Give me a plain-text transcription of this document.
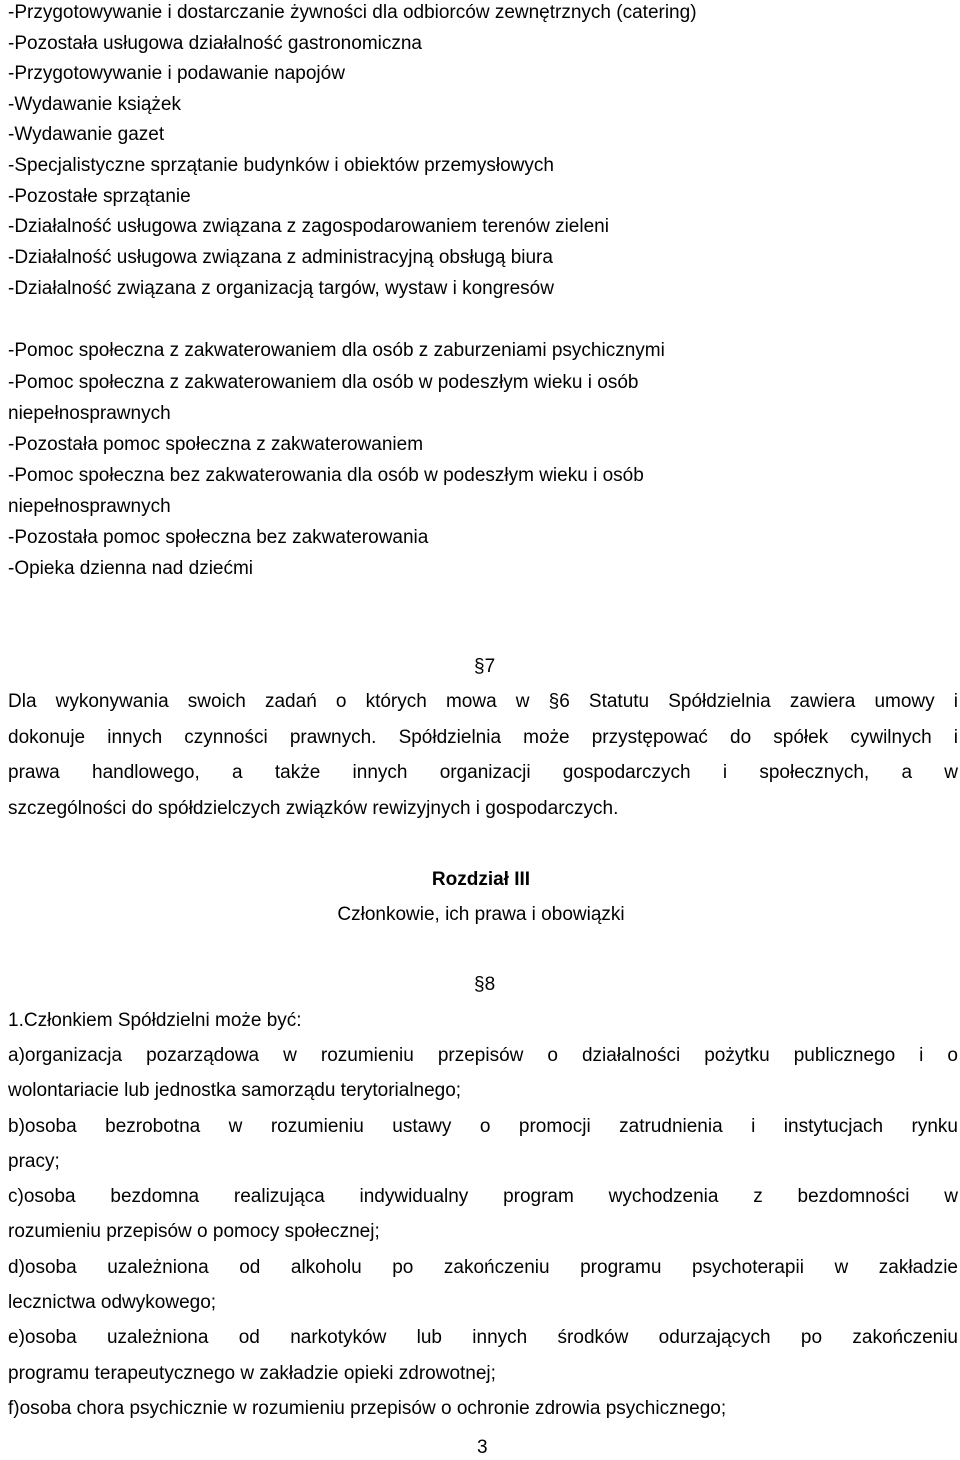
-Przygotowywanie i dostarczanie żywności dla odbiorców zewnętrznych (catering)
-Pozostała usługowa działalność gastronomiczna
-Przygotowywanie i podawanie napojów
-Wydawanie książek
-Wydawanie gazet
-Specjalistyczne sprzątanie budynków i obiektów przemysłowych
-Pozostałe sprzątanie
-Działalność usługowa związana z zagospodarowaniem terenów zieleni
-Działalność usługowa związana z administracyjną obsługą biura
-Działalność związana z organizacją targów, wystaw i kongresów
-Pomoc społeczna z zakwaterowaniem dla osób z zaburzeniami psychicznymi
-Pomoc społeczna z zakwaterowaniem dla osób w podeszłym wieku i osób
niepełnosprawnych
-Pozostała pomoc społeczna z zakwaterowaniem
-Pomoc społeczna bez zakwaterowania dla osób w podeszłym wieku i osób
niepełnosprawnych
-Pozostała pomoc społeczna bez zakwaterowania
-Opieka dzienna nad dziećmi
§7
Dla wykonywania swoich zadań o których mowa w §6 Statutu Spółdzielnia zawiera umowy i
dokonuje innych czynności prawnych. Spółdzielnia może przystępować do spółek cywilnych i
prawa handlowego, a także innych organizacji gospodarczych i społecznych, a w
szczególności do spółdzielczych związków rewizyjnych i gospodarczych.
Rozdział III
Członkowie, ich prawa i obowiązki
§8
1.Członkiem Spółdzielni może być:
a)organizacja pozarządowa w rozumieniu przepisów o działalności pożytku publicznego i o
wolontariacie lub jednostka samorządu terytorialnego;
b)osoba bezrobotna w rozumieniu ustawy o promocji zatrudnienia i instytucjach rynku
pracy;
c)osoba bezdomna realizująca indywidualny program wychodzenia z bezdomności w
rozumieniu przepisów o pomocy społecznej;
d)osoba uzależniona od alkoholu po zakończeniu programu psychoterapii w zakładzie
lecznictwa odwykowego;
e)osoba uzależniona od narkotyków lub innych środków odurzających po zakończeniu
programu terapeutycznego w zakładzie opieki zdrowotnej;
f)osoba chora psychicznie w rozumieniu przepisów o ochronie zdrowia psychicznego;
3
